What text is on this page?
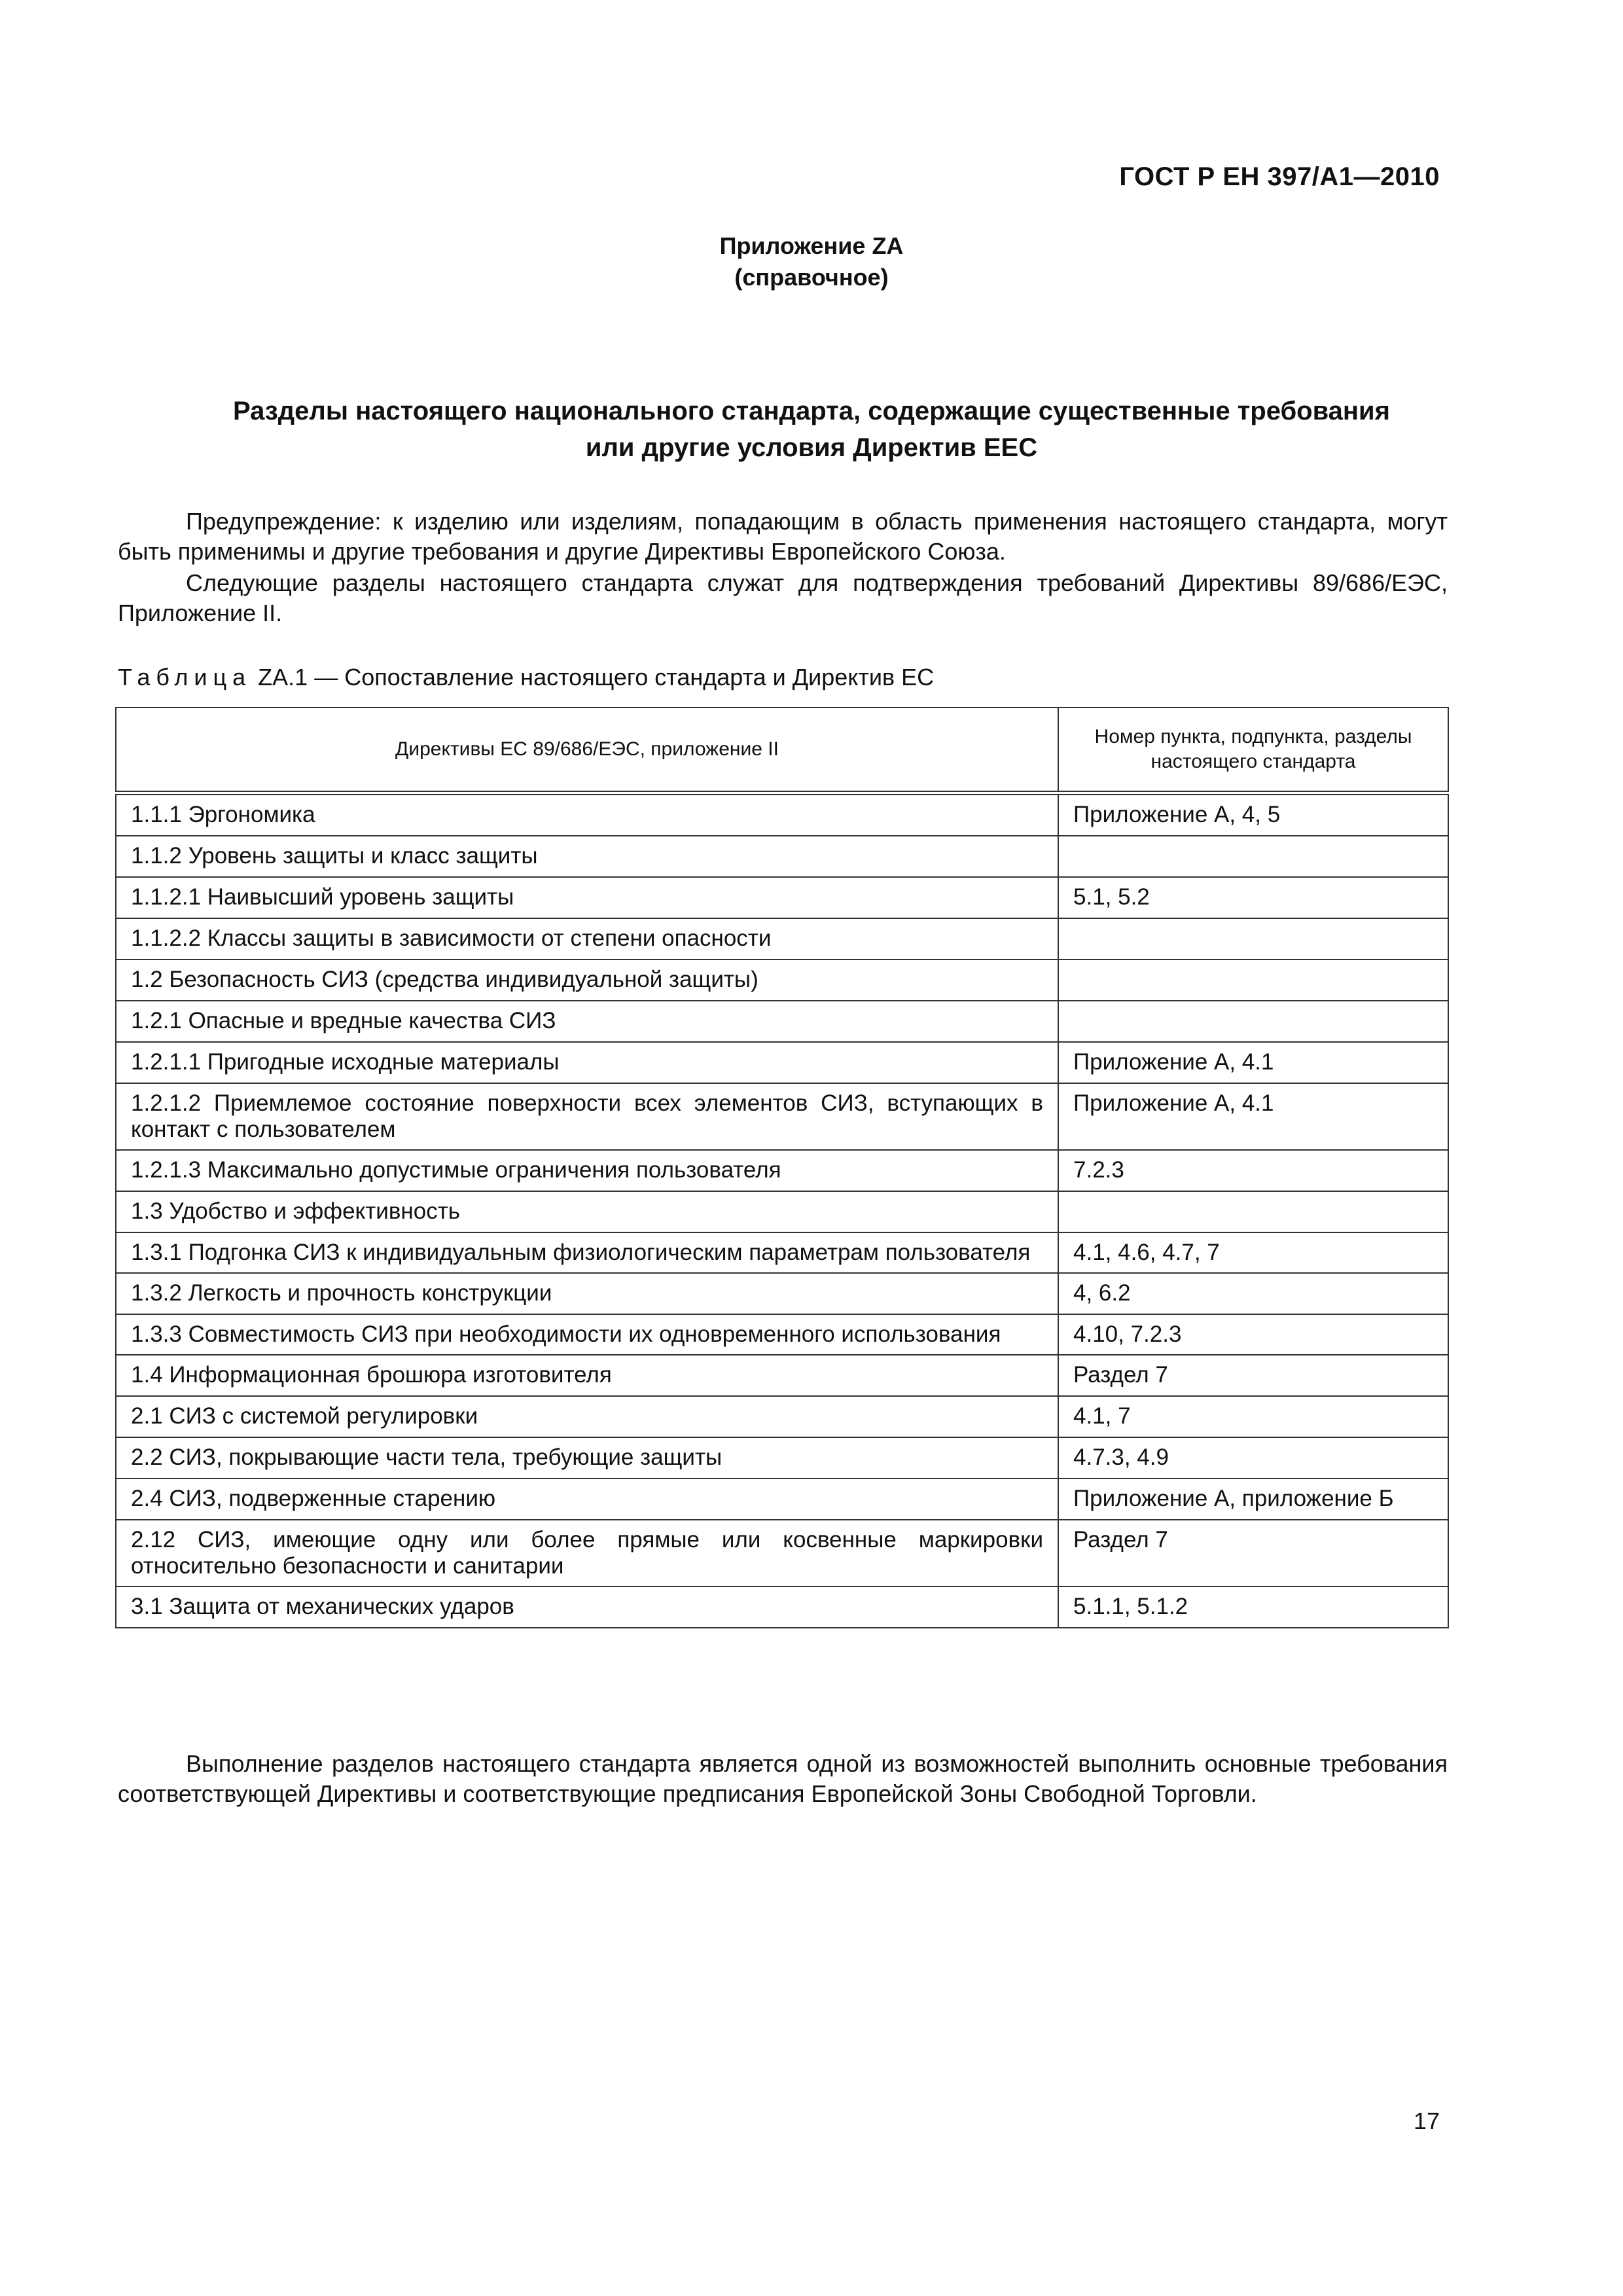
ГОСТ Р ЕН 397/А1—2010
Приложение ZA
(справочное)
Разделы настоящего национального стандарта, содержащие существенные требования
или другие условия Директив ЕЕС
Предупреждение: к изделию или изделиям, попадающим в область применения настоящего стандарта, могут быть применимы и другие требования и другие Директивы Европейского Союза.
Следующие разделы настоящего стандарта служат для подтверждения требований Директивы 89/686/ЕЭС, Приложение II.
Таблица ZA.1 — Сопоставление настоящего стандарта и Директив ЕС
Директивы ЕС 89/686/ЕЭС, приложение II	Номер пункта, подпункта, разделы настоящего стандарта
1.1.1 Эргономика	Приложение А, 4, 5
1.1.2 Уровень защиты и класс защиты	
1.1.2.1 Наивысший уровень защиты	5.1, 5.2
1.1.2.2 Классы защиты в зависимости от степени опасности	
1.2 Безопасность СИЗ (средства индивидуальной защиты)	
1.2.1 Опасные и вредные качества СИЗ	
1.2.1.1 Пригодные исходные материалы	Приложение А, 4.1
1.2.1.2 Приемлемое состояние поверхности всех элементов СИЗ, вступающих в контакт с пользователем	Приложение А, 4.1
1.2.1.3 Максимально допустимые ограничения пользователя	7.2.3
1.3 Удобство и эффективность	
1.3.1 Подгонка СИЗ к индивидуальным физиологическим параметрам пользователя	4.1, 4.6, 4.7, 7
1.3.2 Легкость и прочность конструкции	4, 6.2
1.3.3 Совместимость СИЗ при необходимости их одновременного использования	4.10, 7.2.3
1.4 Информационная брошюра изготовителя	Раздел 7
2.1 СИЗ с системой регулировки	4.1, 7
2.2 СИЗ, покрывающие части тела, требующие защиты	4.7.3, 4.9
2.4 СИЗ, подверженные старению	Приложение А, приложение Б
2.12 СИЗ, имеющие одну или более прямые или косвенные маркировки относительно безопасности и санитарии	Раздел 7
3.1 Защита от механических ударов	5.1.1, 5.1.2
Выполнение разделов настоящего стандарта является одной из возможностей выполнить основные требования соответствующей Директивы и соответствующие предписания Европейской Зоны Свободной Торговли.
17
